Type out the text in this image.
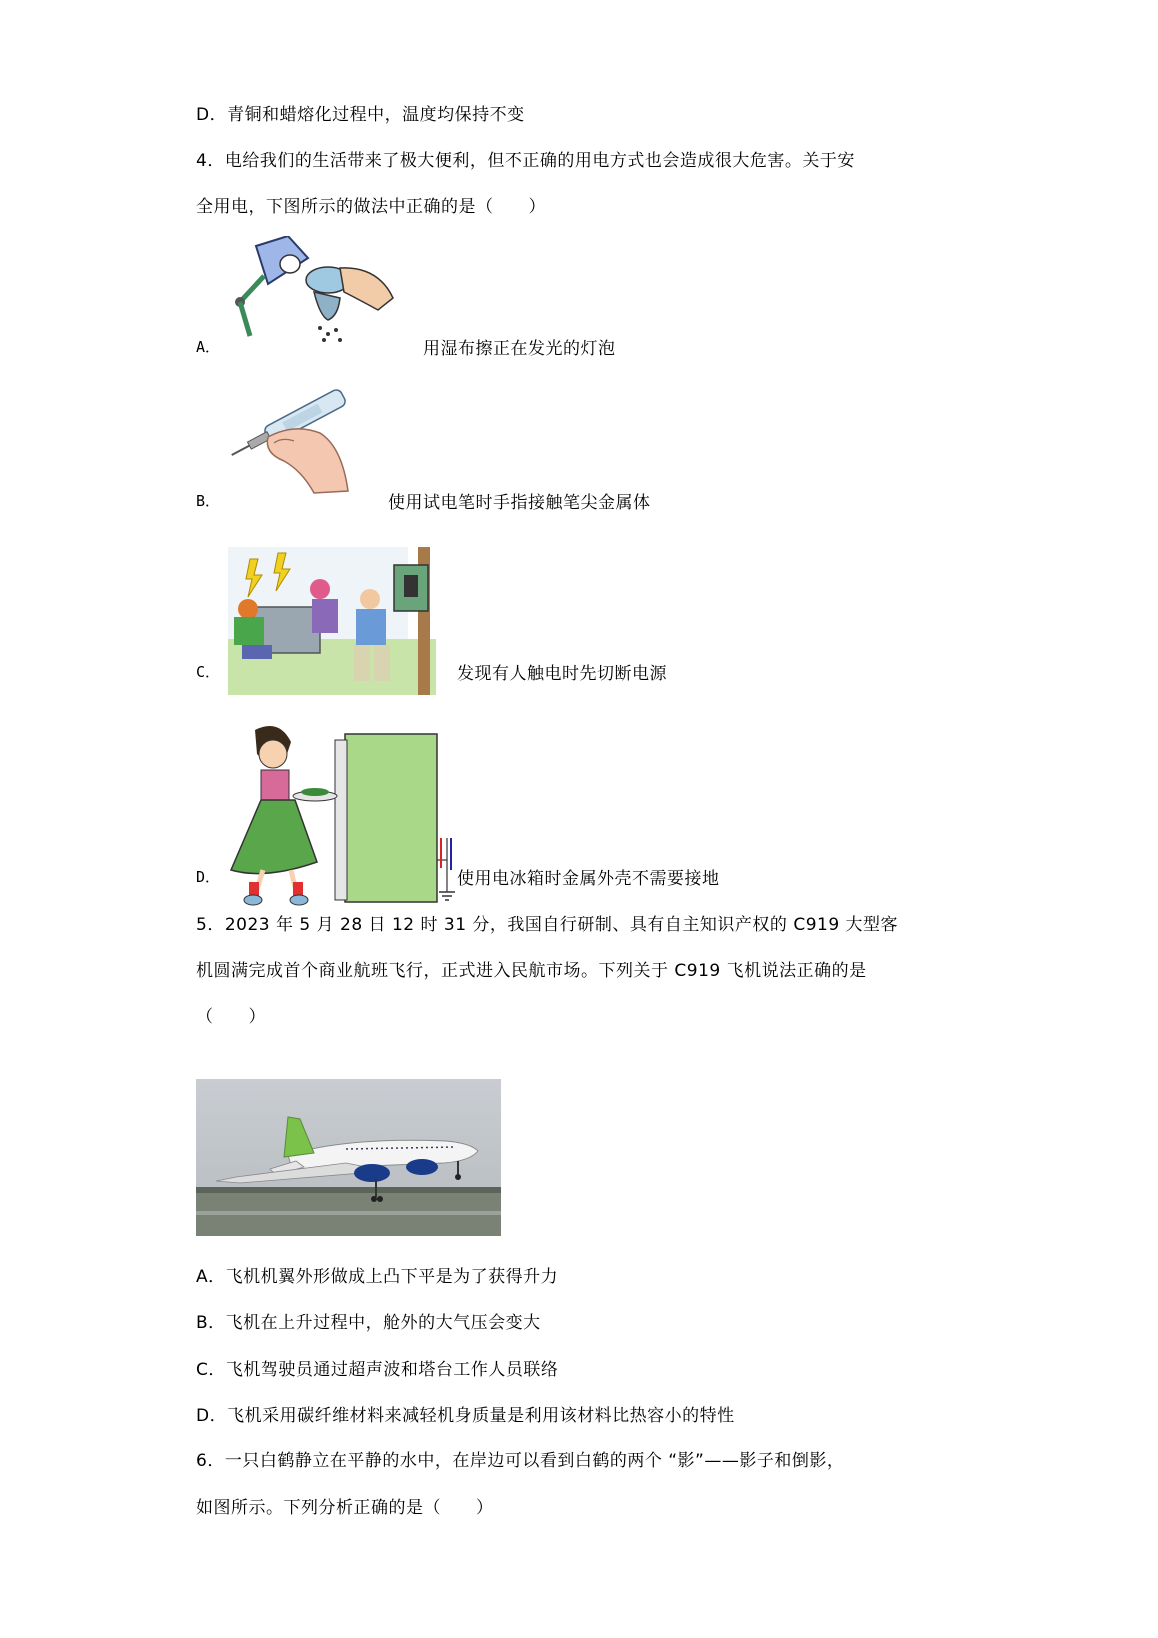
D．青铜和蜡熔化过程中，温度均保持不变
4．电给我们的生活带来了极大便利，但不正确的用电方式也会造成很大危害。关于安
全用电，下图所示的做法中正确的是（　　）
A．	用湿布擦正在发光的灯泡
B．	使用试电笔时手指接触笔尖金属体
C．	发现有人触电时先切断电源
D．	使用电冰箱时金属外壳不需要接地
5．2023 年 5 月 28 日 12 时 31 分，我国自行研制、具有自主知识产权的 C919 大型客
机圆满完成首个商业航班飞行，正式进入民航市场。下列关于 C919 飞机说法正确的是
（　　）
A．飞机机翼外形做成上凸下平是为了获得升力
B．飞机在上升过程中，舱外的大气压会变大
C．飞机驾驶员通过超声波和塔台工作人员联络
D．飞机采用碳纤维材料来减轻机身质量是利用该材料比热容小的特性
6．一只白鹤静立在平静的水中，在岸边可以看到白鹤的两个 “影”——影子和倒影，
如图所示。下列分析正确的是（　　）
